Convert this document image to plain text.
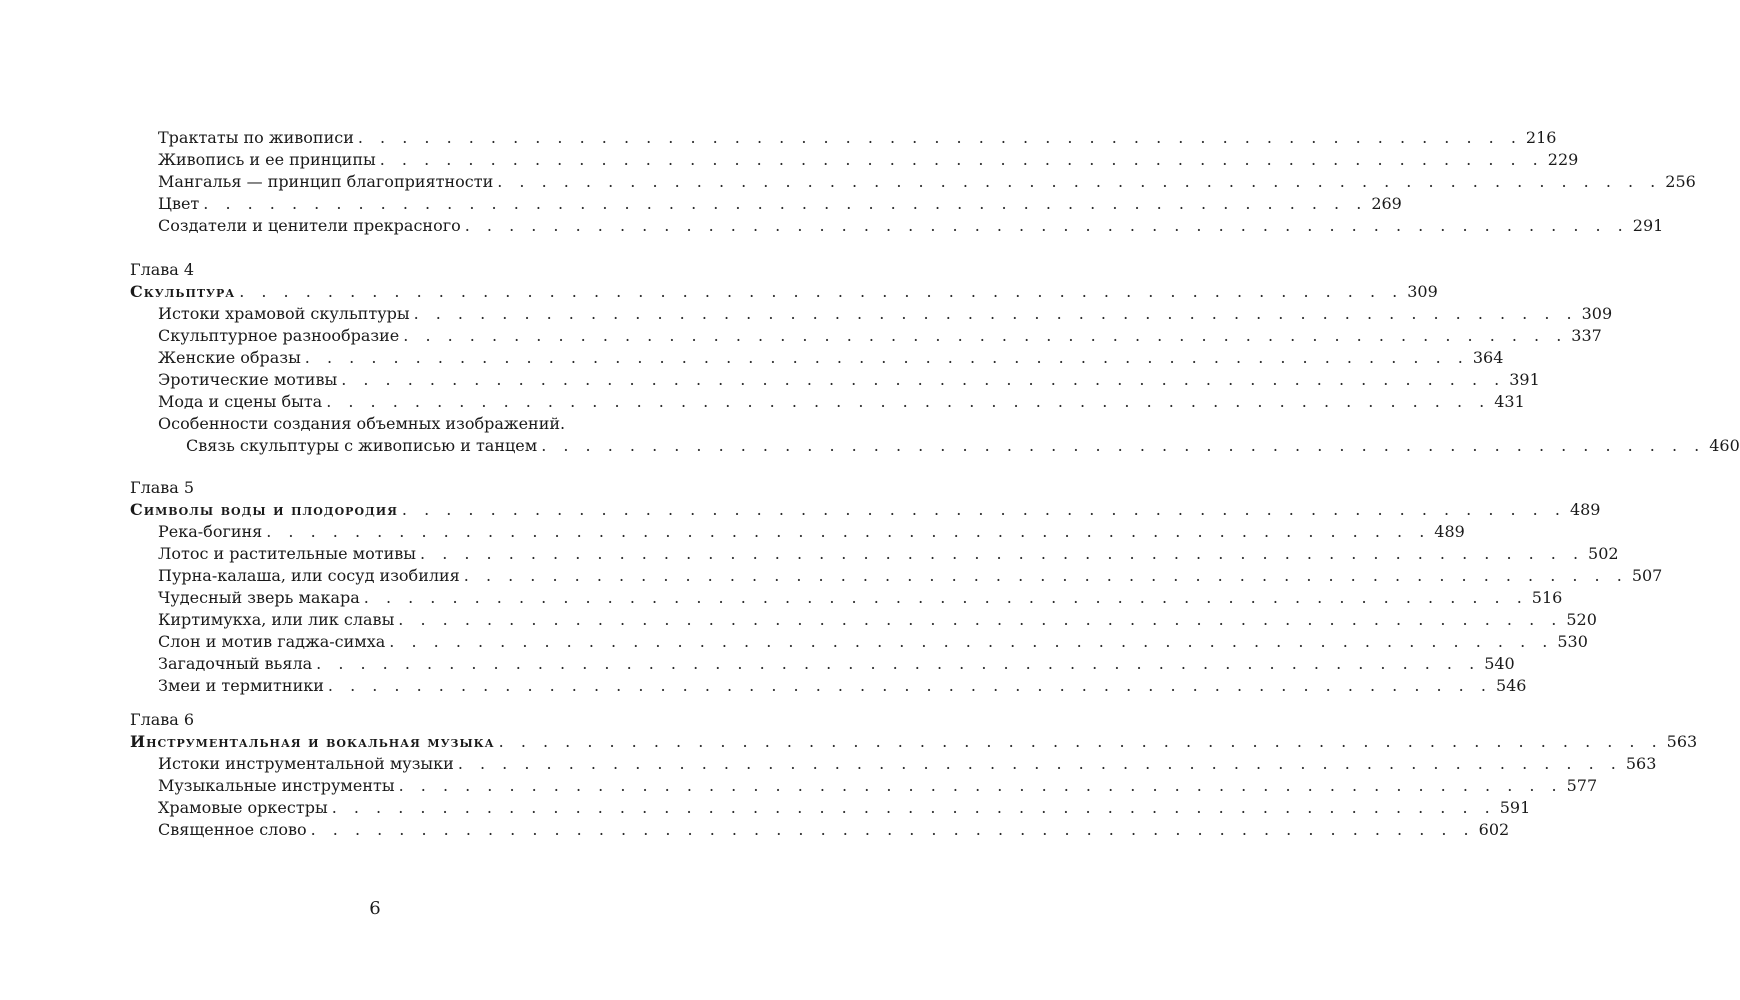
Трактаты по живописи . . . . . . . . . . . . . . . . . . . . . . . . . . . . . . . . . . . . . . . . . . . . . . . . . . . . . 216
Живопись и ее принципы . . . . . . . . . . . . . . . . . . . . . . . . . . . . . . . . . . . . . . . . . . . . . . . . . . . . . 229
Мангалья — принцип благоприятности . . . . . . . . . . . . . . . . . . . . . . . . . . . . . . . . . . . . . . . . . . . . . . . . . . . . . 256
Цвет . . . . . . . . . . . . . . . . . . . . . . . . . . . . . . . . . . . . . . . . . . . . . . . . . . . . . 269
Создатели и ценители прекрасного . . . . . . . . . . . . . . . . . . . . . . . . . . . . . . . . . . . . . . . . . . . . . . . . . . . . . 291
Глава 4
Скульптура . . . . . . . . . . . . . . . . . . . . . . . . . . . . . . . . . . . . . . . . . . . . . . . . . . . . . 309
Истоки храмовой скульптуры . . . . . . . . . . . . . . . . . . . . . . . . . . . . . . . . . . . . . . . . . . . . . . . . . . . . . 309
Скульптурное разнообразие . . . . . . . . . . . . . . . . . . . . . . . . . . . . . . . . . . . . . . . . . . . . . . . . . . . . . 337
Женские образы . . . . . . . . . . . . . . . . . . . . . . . . . . . . . . . . . . . . . . . . . . . . . . . . . . . . . 364
Эротические мотивы . . . . . . . . . . . . . . . . . . . . . . . . . . . . . . . . . . . . . . . . . . . . . . . . . . . . . 391
Мода и сцены быта . . . . . . . . . . . . . . . . . . . . . . . . . . . . . . . . . . . . . . . . . . . . . . . . . . . . . 431
Особенности создания объемных изображений.
Связь скульптуры с живописью и танцем . . . . . . . . . . . . . . . . . . . . . . . . . . . . . . . . . . . . . . . . . . . . . . . . . . . . . 460
Глава 5
Символы воды и плодородия . . . . . . . . . . . . . . . . . . . . . . . . . . . . . . . . . . . . . . . . . . . . . . . . . . . . . 489
Река-богиня . . . . . . . . . . . . . . . . . . . . . . . . . . . . . . . . . . . . . . . . . . . . . . . . . . . . . 489
Лотос и растительные мотивы . . . . . . . . . . . . . . . . . . . . . . . . . . . . . . . . . . . . . . . . . . . . . . . . . . . . . 502
Пурна-калаша, или сосуд изобилия . . . . . . . . . . . . . . . . . . . . . . . . . . . . . . . . . . . . . . . . . . . . . . . . . . . . . 507
Чудесный зверь макара . . . . . . . . . . . . . . . . . . . . . . . . . . . . . . . . . . . . . . . . . . . . . . . . . . . . . 516
Киртимукха, или лик славы . . . . . . . . . . . . . . . . . . . . . . . . . . . . . . . . . . . . . . . . . . . . . . . . . . . . . 520
Слон и мотив гаджа-симха . . . . . . . . . . . . . . . . . . . . . . . . . . . . . . . . . . . . . . . . . . . . . . . . . . . . . 530
Загадочный вьяла . . . . . . . . . . . . . . . . . . . . . . . . . . . . . . . . . . . . . . . . . . . . . . . . . . . . . 540
Змеи и термитники . . . . . . . . . . . . . . . . . . . . . . . . . . . . . . . . . . . . . . . . . . . . . . . . . . . . . 546
Глава 6
Инструментальная и вокальная музыка . . . . . . . . . . . . . . . . . . . . . . . . . . . . . . . . . . . . . . . . . . . . . . . . . . . . . 563
Истоки инструментальной музыки . . . . . . . . . . . . . . . . . . . . . . . . . . . . . . . . . . . . . . . . . . . . . . . . . . . . . 563
Музыкальные инструменты . . . . . . . . . . . . . . . . . . . . . . . . . . . . . . . . . . . . . . . . . . . . . . . . . . . . . 577
Храмовые оркестры . . . . . . . . . . . . . . . . . . . . . . . . . . . . . . . . . . . . . . . . . . . . . . . . . . . . . 591
Священное слово . . . . . . . . . . . . . . . . . . . . . . . . . . . . . . . . . . . . . . . . . . . . . . . . . . . . . 602
6
